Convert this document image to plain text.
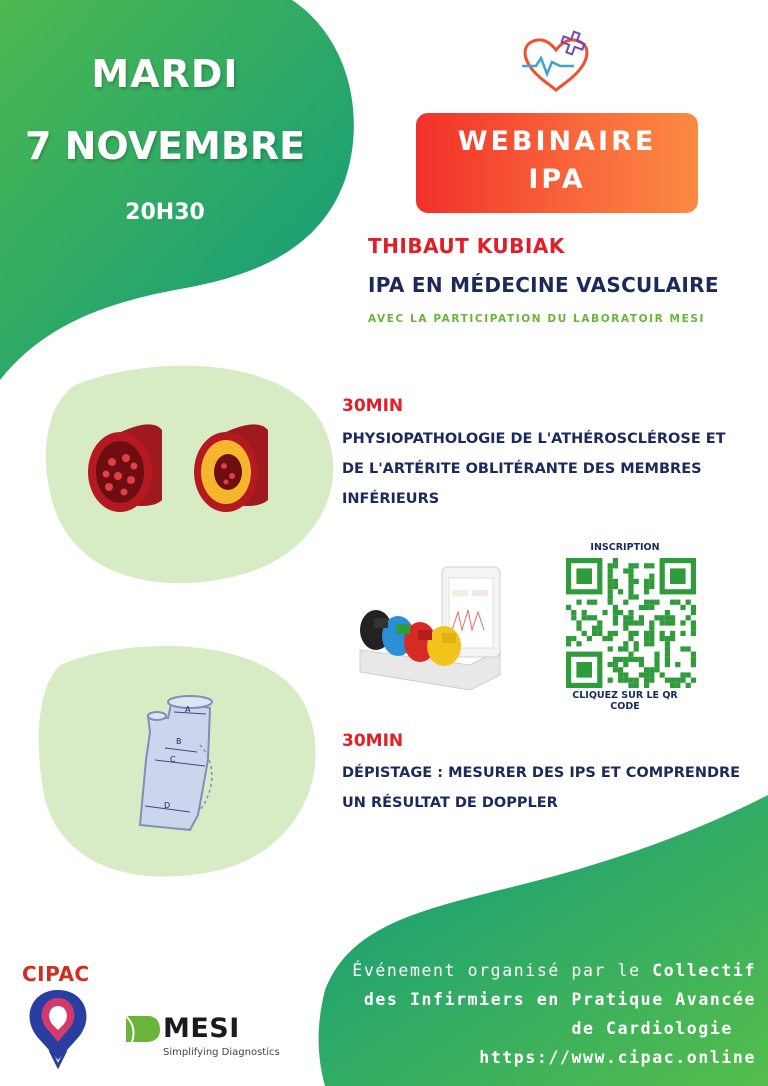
A
B
C
D
MARDI
7 NOVEMBRE
20H30
WEBINAIRE
IPA
THIBAUT KUBIAK
IPA EN MÉDECINE VASCULAIRE
AVEC LA PARTICIPATION DU LABORATOIR MESI
30MIN
PHYSIOPATHOLOGIE DE L'ATHÉROSCLÉROSE ET
DE L'ARTÉRITE OBLITÉRANTE DES MEMBRES
INFÉRIEURS
INSCRIPTION
CLIQUEZ SUR LE QR CODE
30MIN
DÉPISTAGE : MESURER DES IPS ET COMPRENDRE
UN RÉSULTAT DE DOPPLER
Événement organisé par le Collectif
des Infirmiers en Pratique Avancée
de Cardiologie
https://www.cipac.online
CIPAC
MESI
Simplifying Diagnostics
